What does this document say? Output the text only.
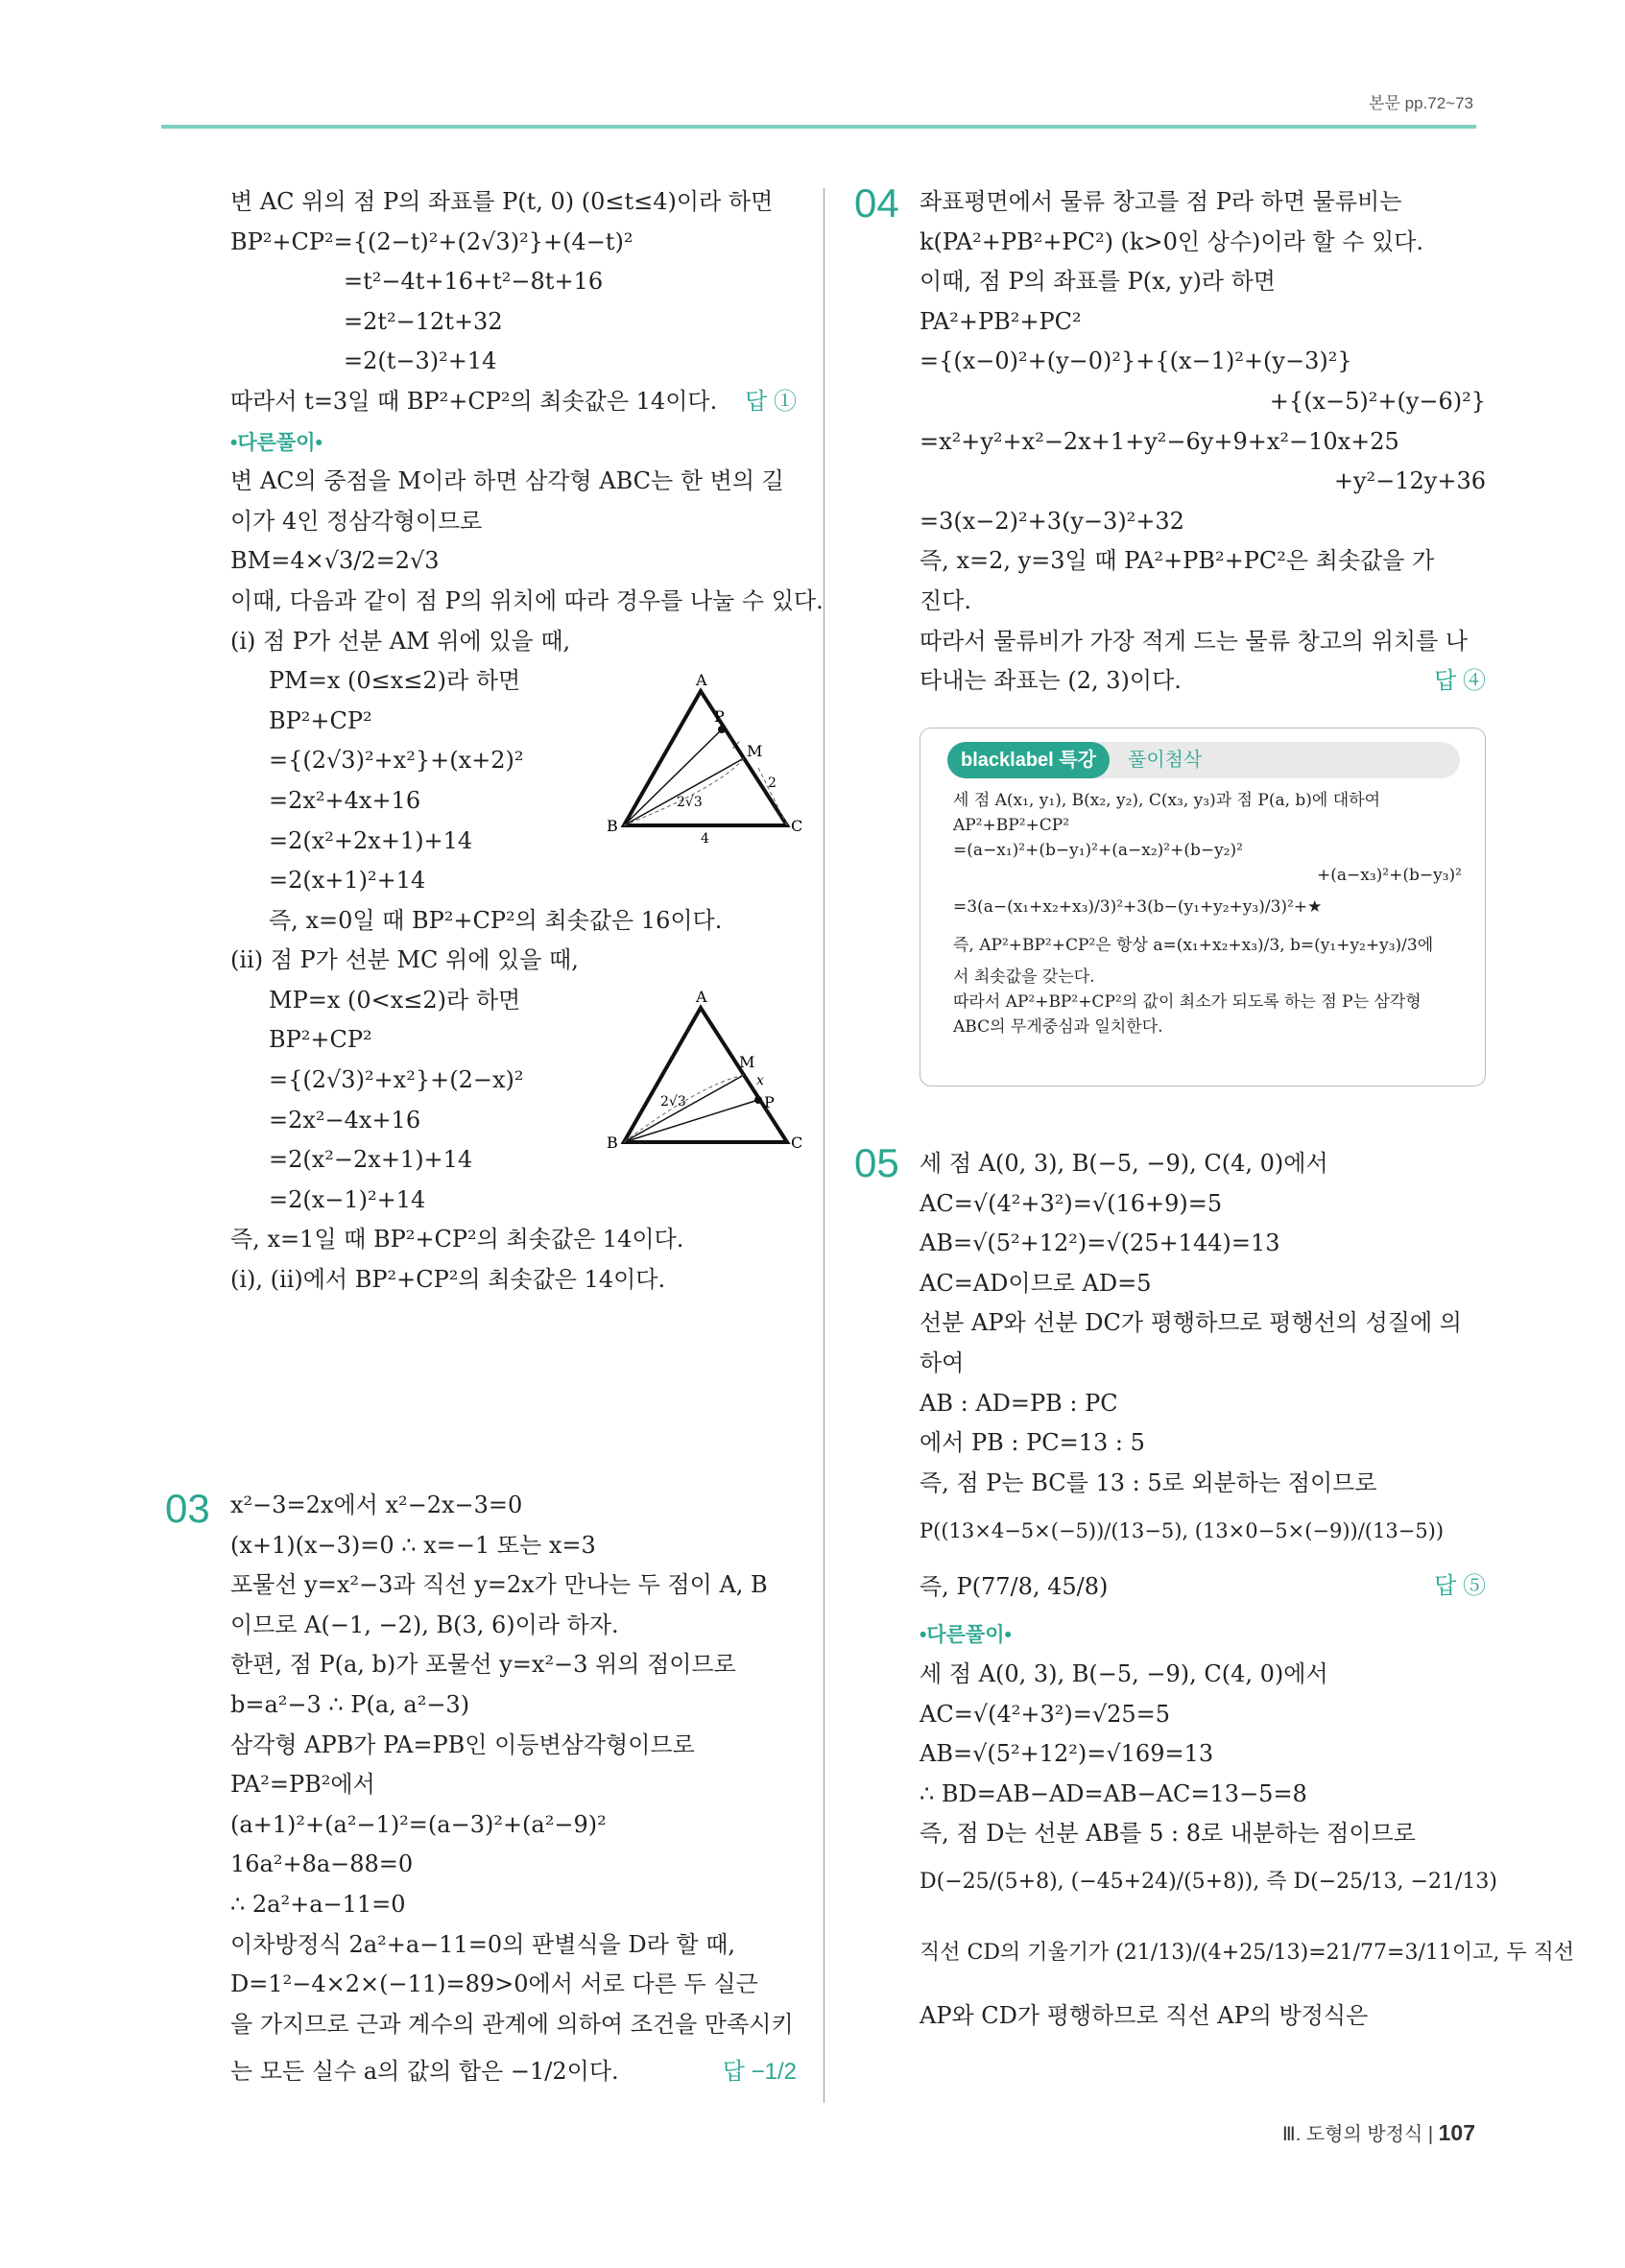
본문 pp.72~73
변 AC 위의 점 P의 좌표를 P(t, 0) (0≤t≤4)이라 하면
BP²+CP²={(2−t)²+(2√3)²}+(4−t)²
=t²−4t+16+t²−8t+16
=2t²−12t+32
=2(t−3)²+14
따라서 t=3일 때 BP²+CP²의 최솟값은 14이다. 답 ①
•다른풀이•
변 AC의 중점을 M이라 하면 삼각형 ABC는 한 변의 길
이가 4인 정삼각형이므로
BM=4×√3/2=2√3
이때, 다음과 같이 점 P의 위치에 따라 경우를 나눌 수 있다.
(ⅰ) 점 P가 선분 AM 위에 있을 때,
PM=x (0≤x≤2)라 하면
BP²+CP²
={(2√3)²+x²}+(x+2)²
=2x²+4x+16
=2(x²+2x+1)+14
=2(x+1)²+14
즉, x=0일 때 BP²+CP²의 최솟값은 16이다.
(ⅱ) 점 P가 선분 MC 위에 있을 때,
MP=x (0<x≤2)라 하면
BP²+CP²
={(2√3)²+x²}+(2−x)²
=2x²−4x+16
=2(x²−2x+1)+14
=2(x−1)²+14
즉, x=1일 때 BP²+CP²의 최솟값은 14이다.
(ⅰ), (ⅱ)에서 BP²+CP²의 최솟값은 14이다.
A
P
x M
2
2√3
B	C
4
A
M
x
P
2√3
B	C
03 x²−3=2x에서 x²−2x−3=0
(x+1)(x−3)=0 ∴ x=−1 또는 x=3
포물선 y=x²−3과 직선 y=2x가 만나는 두 점이 A, B
이므로 A(−1, −2), B(3, 6)이라 하자.
한편, 점 P(a, b)가 포물선 y=x²−3 위의 점이므로
b=a²−3 ∴ P(a, a²−3)
삼각형 APB가 PA=PB인 이등변삼각형이므로
PA²=PB²에서
(a+1)²+(a²−1)²=(a−3)²+(a²−9)²
16a²+8a−88=0
∴ 2a²+a−11=0
이차방정식 2a²+a−11=0의 판별식을 D라 할 때,
D=1²−4×2×(−11)=89>0에서 서로 다른 두 실근
을 가지므로 근과 계수의 관계에 의하여 조건을 만족시키
는 모든 실수 a의 값의 합은 −1/2이다.	답 −1/2
04 좌표평면에서 물류 창고를 점 P라 하면 물류비는
k(PA²+PB²+PC²) (k>0인 상수)이라 할 수 있다.
이때, 점 P의 좌표를 P(x, y)라 하면
PA²+PB²+PC²
={(x−0)²+(y−0)²}+{(x−1)²+(y−3)²}
+{(x−5)²+(y−6)²}
=x²+y²+x²−2x+1+y²−6y+9+x²−10x+25
+y²−12y+36
=3(x−2)²+3(y−3)²+32
즉, x=2, y=3일 때 PA²+PB²+PC²은 최솟값을 가
진다.
따라서 물류비가 가장 적게 드는 물류 창고의 위치를 나
타내는 좌표는 (2, 3)이다.	답 ④
blacklabel 특강	풀이첨삭
세 점 A(x₁, y₁), B(x₂, y₂), C(x₃, y₃)과 점 P(a, b)에 대하여
AP²+BP²+CP²
=(a−x₁)²+(b−y₁)²+(a−x₂)²+(b−y₂)²
+(a−x₃)²+(b−y₃)²
=3(a−(x₁+x₂+x₃)/3)²+3(b−(y₁+y₂+y₃)/3)²+★
즉, AP²+BP²+CP²은 항상 a=(x₁+x₂+x₃)/3, b=(y₁+y₂+y₃)/3에
서 최솟값을 갖는다.
따라서 AP²+BP²+CP²의 값이 최소가 되도록 하는 점 P는 삼각형
ABC의 무게중심과 일치한다.
05 세 점 A(0, 3), B(−5, −9), C(4, 0)에서
AC=√(4²+3²)=√(16+9)=5
AB=√(5²+12²)=√(25+144)=13
AC=AD이므로 AD=5
선분 AP와 선분 DC가 평행하므로 평행선의 성질에 의
하여
AB : AD=PB : PC
에서 PB : PC=13 : 5
즉, 점 P는 BC를 13 : 5로 외분하는 점이므로
P((13×4−5×(−5))/(13−5), (13×0−5×(−9))/(13−5))
즉, P(77/8, 45/8)	답 ⑤
•다른풀이•
세 점 A(0, 3), B(−5, −9), C(4, 0)에서
AC=√(4²+3²)=√25=5
AB=√(5²+12²)=√169=13
∴ BD=AB−AD=AB−AC=13−5=8
즉, 점 D는 선분 AB를 5 : 8로 내분하는 점이므로
D(−25/(5+8), (−45+24)/(5+8)), 즉 D(−25/13, −21/13)
직선 CD의 기울기가 (21/13)/(4+25/13)=21/77=3/11이고, 두 직선
AP와 CD가 평행하므로 직선 AP의 방정식은
Ⅲ. 도형의 방정식 | 107
